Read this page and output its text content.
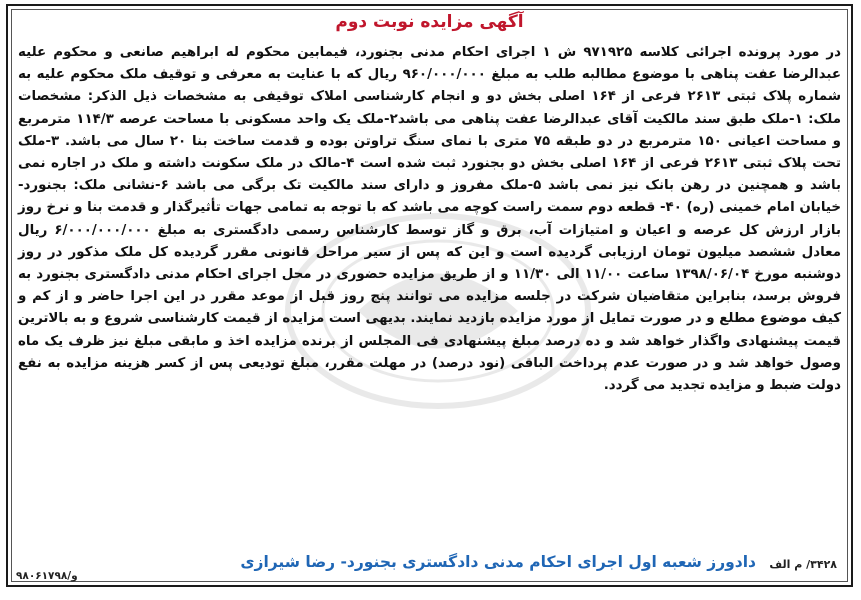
آگهی مزایده نوبت دوم

در مورد پرونده اجرائی کلاسه ۹۷۱۹۲۵ ش ۱ اجرای احکام مدنی بجنورد، فیمابین محکوم له ابراهیم صانعی و محکوم علیه عبدالرضا عفت پناهی با موضوع مطالبه طلب به مبلغ ۹۶۰/۰۰۰/۰۰۰ ریال که با عنایت به معرفی و توقیف ملک محکوم علیه به شماره پلاک ثبتی ۲۶۱۳ فرعی از ۱۶۴ اصلی بخش دو و انجام کارشناسی املاک توقیفی به مشخصات ذیل الذکر: مشخصات ملک: ۱-ملک طبق سند مالکیت آقای عبدالرضا عفت پناهی می باشد۲-ملک یک واحد مسکونی با مساحت عرصه ۱۱۴/۳ مترمربع و مساحت اعیانی ۱۵۰ مترمربع در دو طبقه ۷۵ متری با نمای سنگ تراوتن بوده و قدمت ساخت بنا ۲۰ سال می باشد. ۳-ملک تحت پلاک ثبتی ۲۶۱۳ فرعی از ۱۶۴ اصلی بخش دو بجنورد ثبت شده است ۴-مالک در ملک سکونت داشته و ملک در اجاره نمی باشد و همچنین در رهن بانک نیز نمی باشد ۵-ملک مفروز و دارای سند مالکیت تک برگی می باشد ۶-نشانی ملک: بجنورد- خیابان امام خمینی (ره) ۴۰- قطعه دوم سمت راست کوچه می باشد که با توجه به تمامی جهات تأثیرگذار و قدمت بنا و نرخ روز بازار ارزش کل عرصه و اعیان و امتیازات آب، برق و گاز توسط کارشناس رسمی دادگستری به مبلغ ۶/۰۰۰/۰۰۰/۰۰۰ ریال معادل ششصد میلیون تومان ارزیابی گردیده است و این که پس از سیر مراحل قانونی مقرر گردیده کل ملک مذکور در روز دوشنبه مورخ ۱۳۹۸/۰۶/۰۴ ساعت ۱۱/۰۰ الی ۱۱/۳۰ و از طریق مزایده حضوری در محل اجرای احکام مدنی دادگستری بجنورد به فروش برسد، بنابراین متقاضیان شرکت در جلسه مزایده می توانند پنج روز قبل از موعد مقرر در این اجرا حاضر و از کم و کیف موضوع مطلع و در صورت تمایل از مورد مزایده بازدید نمایند. بدیهی است مزایده از قیمت کارشناسی شروع و به بالاترین قیمت پیشنهادی واگذار خواهد شد و ده درصد مبلغ پیشنهادی فی المجلس از برنده مزایده اخذ و مابقی مبلغ نیز ظرف یک ماه وصول خواهد شد و در صورت عدم پرداخت الباقی (نود درصد) در مهلت مقرر، مبلغ تودیعی پس از کسر هزینه مزایده به نفع دولت ضبط و مزایده تجدید می گردد.

۳۴۲۸/ م الف
دادورز شعبه اول اجرای احکام مدنی دادگستری بجنورد- رضا شیرازی
۹۸۰۶۱۷۹۸/و
